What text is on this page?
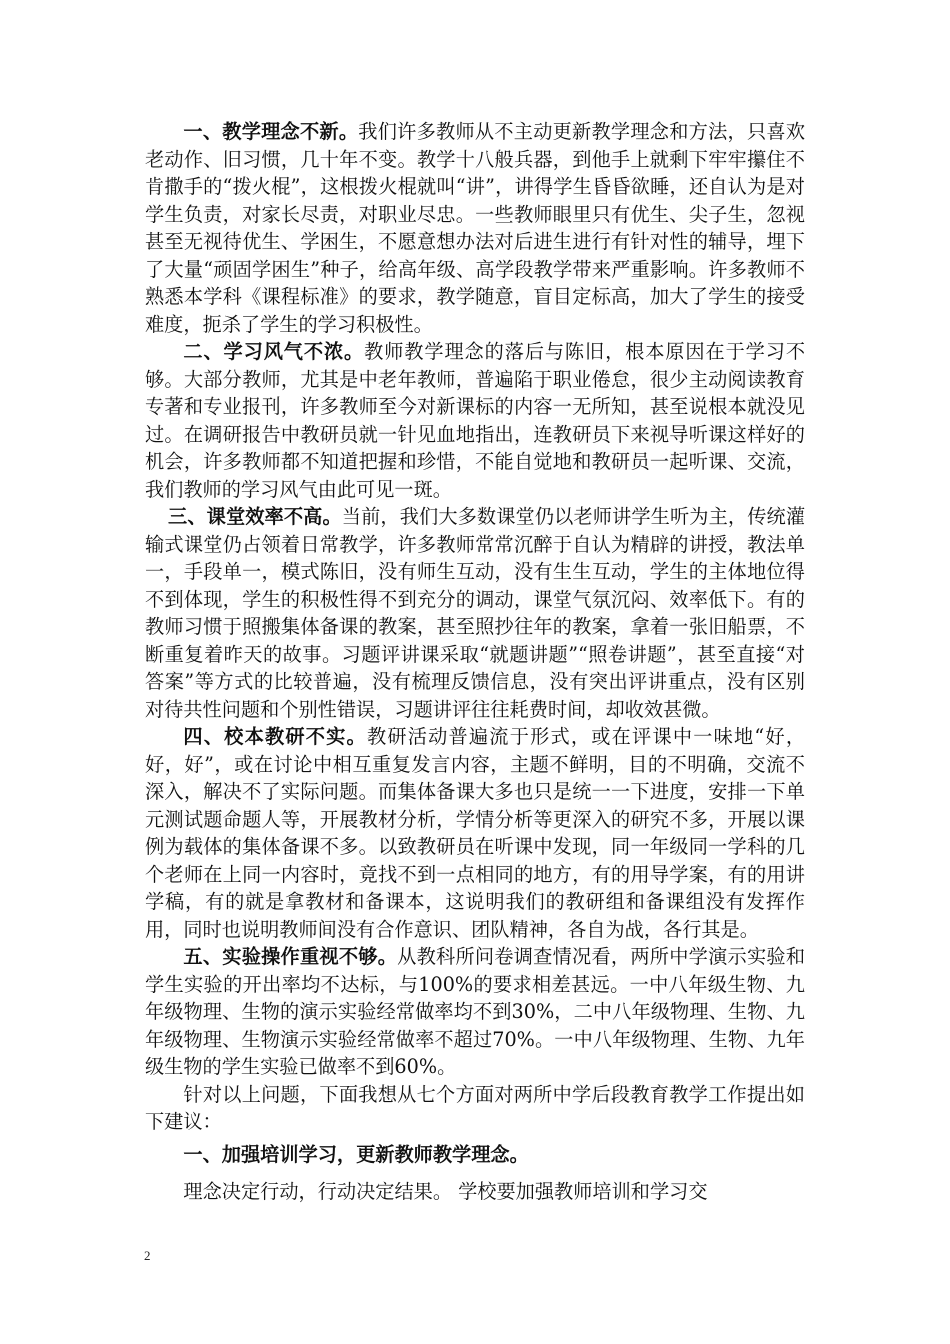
一、教学理念不新。我们许多教师从不主动更新教学理念和方法，只喜欢老动作、旧习惯，几十年不变。教学十八般兵器，到他手上就剩下牢牢攥住不肯撒手的“拨火棍”，这根拨火棍就叫“讲”，讲得学生昏昏欲睡，还自认为是对学生负责，对家长尽责，对职业尽忠。一些教师眼里只有优生、尖子生，忽视甚至无视待优生、学困生，不愿意想办法对后进生进行有针对性的辅导，埋下了大量“顽固学困生”种子，给高年级、高学段教学带来严重影响。许多教师不熟悉本学科《课程标准》的要求，教学随意，盲目定标高，加大了学生的接受难度，扼杀了学生的学习积极性。

二、学习风气不浓。教师教学理念的落后与陈旧，根本原因在于学习不够。大部分教师，尤其是中老年教师，普遍陷于职业倦怠，很少主动阅读教育专著和专业报刊，许多教师至今对新课标的内容一无所知，甚至说根本就没见过。在调研报告中教研员就一针见血地指出，连教研员下来视导听课这样好的机会，许多教师都不知道把握和珍惜，不能自觉地和教研员一起听课、交流，我们教师的学习风气由此可见一斑。

三、课堂效率不高。当前，我们大多数课堂仍以老师讲学生听为主，传统灌输式课堂仍占领着日常教学，许多教师常常沉醉于自认为精辟的讲授，教法单一，手段单一，模式陈旧，没有师生互动，没有生生互动，学生的主体地位得不到体现，学生的积极性得不到充分的调动，课堂气氛沉闷、效率低下。有的教师习惯于照搬集体备课的教案，甚至照抄往年的教案，拿着一张旧船票，不断重复着昨天的故事。习题评讲课采取“就题讲题”“照卷讲题”，甚至直接“对答案”等方式的比较普遍，没有梳理反馈信息，没有突出评讲重点，没有区别对待共性问题和个别性错误，习题讲评往往耗费时间，却收效甚微。

四、校本教研不实。教研活动普遍流于形式，或在评课中一味地“好，好，好”，或在讨论中相互重复发言内容，主题不鲜明，目的不明确，交流不深入，解决不了实际问题。而集体备课大多也只是统一一下进度，安排一下单元测试题命题人等，开展教材分析，学情分析等更深入的研究不多，开展以课例为载体的集体备课不多。以致教研员在听课中发现，同一年级同一学科的几个老师在上同一内容时，竟找不到一点相同的地方，有的用导学案，有的用讲学稿，有的就是拿教材和备课本，这说明我们的教研组和备课组没有发挥作用，同时也说明教师间没有合作意识、团队精神，各自为战，各行其是。

五、实验操作重视不够。从教科所问卷调查情况看，两所中学演示实验和学生实验的开出率均不达标，与100%的要求相差甚远。一中八年级生物、九年级物理、生物的演示实验经常做率均不到30%，二中八年级物理、生物、九年级物理、生物演示实验经常做率不超过70%。一中八年级物理、生物、九年级生物的学生实验已做率不到60%。

针对以上问题，下面我想从七个方面对两所中学后段教育教学工作提出如下建议：

一、加强培训学习，更新教师教学理念。

理念决定行动，行动决定结果。 学校要加强教师培训和学习交

2
